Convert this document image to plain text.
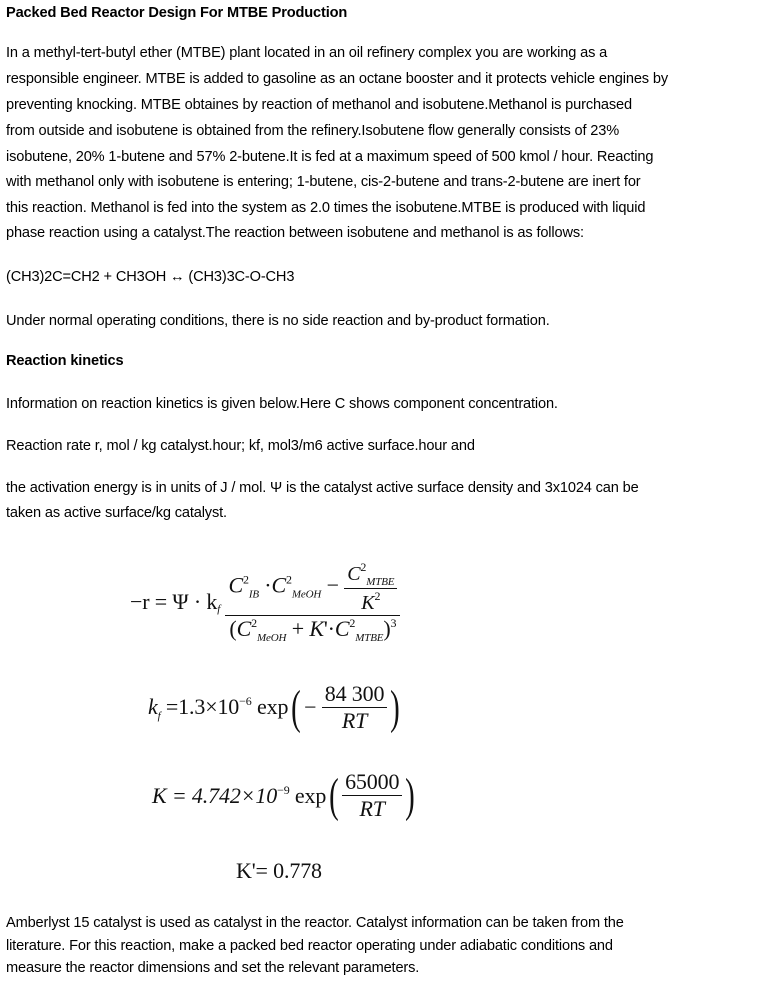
Packed Bed Reactor Design For MTBE Production
In a methyl-tert-butyl ether (MTBE) plant located in an oil refinery complex you are working as a
responsible engineer. MTBE is added to gasoline as an octane booster and it protects vehicle engines by
preventing knocking. MTBE obtaines by reaction of methanol and isobutene.Methanol is purchased
from outside and isobutene is obtained from the refinery.Isobutene flow generally consists of 23%
isobutene, 20% 1-butene and 57% 2-butene.It is fed at a maximum speed of 500 kmol / hour. Reacting
with methanol only with isobutene is entering; 1-butene, cis-2-butene and trans-2-butene are inert for
this reaction. Methanol is fed into the system as 2.0 times the isobutene.MTBE is produced with liquid
phase reaction using a catalyst.The reaction between isobutene and methanol is as follows:
(CH3)2C=CH2 + CH3OH ↔ (CH3)3C-O-CH3
Under normal operating conditions, there is no side reaction and by-product formation.
Reaction kinetics
Information on reaction kinetics is given below.Here C shows component concentration.
Reaction rate r, mol / kg catalyst.hour; kf, mol3/m6 active surface.hour and
the activation energy is in units of J / mol. Ψ is the catalyst active surface density and 3x1024 can be
taken as active surface/kg catalyst.
$-r = \Psi \cdot k_f \frac{C^2_{IB} \cdot C^2_{MeOH} - \frac{C^2_{MTBE}}{K^2}}{(C^2_{MeOH} + K'\cdot C^2_{MTBE})^3}$
$k_f =1.3\times 10^{-6}$ $\exp( - \frac{84 300}{RT}$ )
$K = 4.742\times 10^{-9}$ $\exp( \frac{65000}{RT}$ )
K'= 0.778
Amberlyst 15 catalyst is used as catalyst in the reactor. Catalyst information can be taken from the
literature. For this reaction, make a packed bed reactor operating under adiabatic conditions and
measure the reactor dimensions and set the relevant parameters.
